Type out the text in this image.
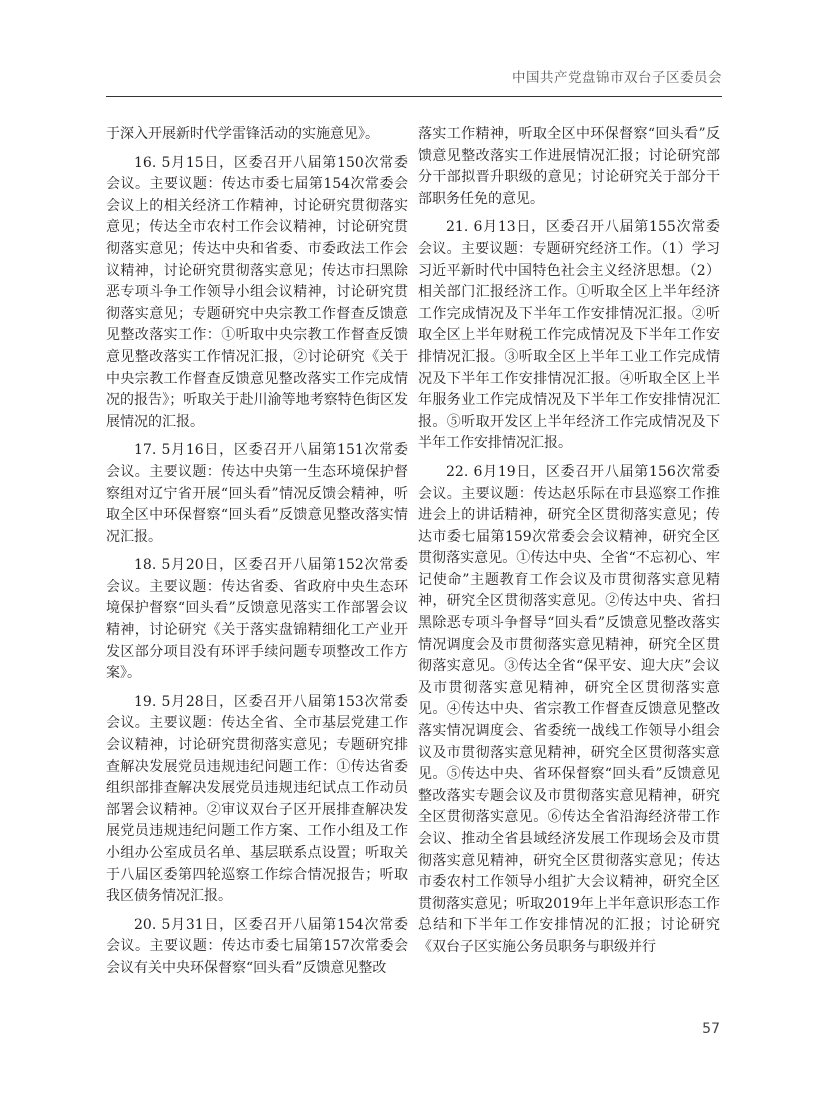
中国共产党盘锦市双台子区委员会

于深入开展新时代学雷锋活动的实施意见》。

16. 5月15日，区委召开八届第150次常委会议。主要议题：传达市委七届第154次常委会会议上的相关经济工作精神，讨论研究贯彻落实意见；传达全市农村工作会议精神，讨论研究贯彻落实意见；传达中央和省委、市委政法工作会议精神，讨论研究贯彻落实意见；传达市扫黑除恶专项斗争工作领导小组会议精神，讨论研究贯彻落实意见；专题研究中央宗教工作督查反馈意见整改落实工作：①听取中央宗教工作督查反馈意见整改落实工作情况汇报，②讨论研究《关于中央宗教工作督查反馈意见整改落实工作完成情况的报告》；听取关于赴川渝等地考察特色街区发展情况的汇报。

17. 5月16日，区委召开八届第151次常委会议。主要议题：传达中央第一生态环境保护督察组对辽宁省开展“回头看”情况反馈会精神，听取全区中环保督察“回头看”反馈意见整改落实情况汇报。

18. 5月20日，区委召开八届第152次常委会议。主要议题：传达省委、省政府中央生态环境保护督察“回头看”反馈意见落实工作部署会议精神，讨论研究《关于落实盘锦精细化工产业开发区部分项目没有环评手续问题专项整改工作方案》。

19. 5月28日，区委召开八届第153次常委会议。主要议题：传达全省、全市基层党建工作会议精神，讨论研究贯彻落实意见；专题研究排查解决发展党员违规违纪问题工作：①传达省委组织部排查解决发展党员违规违纪试点工作动员部署会议精神。②审议双台子区开展排查解决发展党员违规违纪问题工作方案、工作小组及工作小组办公室成员名单、基层联系点设置；听取关于八届区委第四轮巡察工作综合情况报告；听取我区债务情况汇报。

20. 5月31日，区委召开八届第154次常委会议。主要议题：传达市委七届第157次常委会会议有关中央环保督察“回头看”反馈意见整改

落实工作精神，听取全区中环保督察“回头看”反馈意见整改落实工作进展情况汇报；讨论研究部分干部拟晋升职级的意见；讨论研究关于部分干部职务任免的意见。

21. 6月13日，区委召开八届第155次常委会议。主要议题：专题研究经济工作。（1）学习习近平新时代中国特色社会主义经济思想。（2）相关部门汇报经济工作。①听取全区上半年经济工作完成情况及下半年工作安排情况汇报。②听取全区上半年财税工作完成情况及下半年工作安排情况汇报。③听取全区上半年工业工作完成情况及下半年工作安排情况汇报。④听取全区上半年服务业工作完成情况及下半年工作安排情况汇报。⑤听取开发区上半年经济工作完成情况及下半年工作安排情况汇报。

22. 6月19日，区委召开八届第156次常委会议。主要议题：传达赵乐际在市县巡察工作推进会上的讲话精神，研究全区贯彻落实意见；传达市委七届第159次常委会会议精神，研究全区贯彻落实意见。①传达中央、全省“不忘初心、牢记使命”主题教育工作会议及市贯彻落实意见精神，研究全区贯彻落实意见。②传达中央、省扫黑除恶专项斗争督导“回头看”反馈意见整改落实情况调度会及市贯彻落实意见精神，研究全区贯彻落实意见。③传达全省“保平安、迎大庆”会议及市贯彻落实意见精神，研究全区贯彻落实意见。④传达中央、省宗教工作督查反馈意见整改落实情况调度会、省委统一战线工作领导小组会议及市贯彻落实意见精神，研究全区贯彻落实意见。⑤传达中央、省环保督察“回头看”反馈意见整改落实专题会议及市贯彻落实意见精神，研究全区贯彻落实意见。⑥传达全省沿海经济带工作会议、推动全省县域经济发展工作现场会及市贯彻落实意见精神，研究全区贯彻落实意见；传达市委农村工作领导小组扩大会议精神，研究全区贯彻落实意见；听取2019年上半年意识形态工作总结和下半年工作安排情况的汇报；讨论研究《双台子区实施公务员职务与职级并行

57
